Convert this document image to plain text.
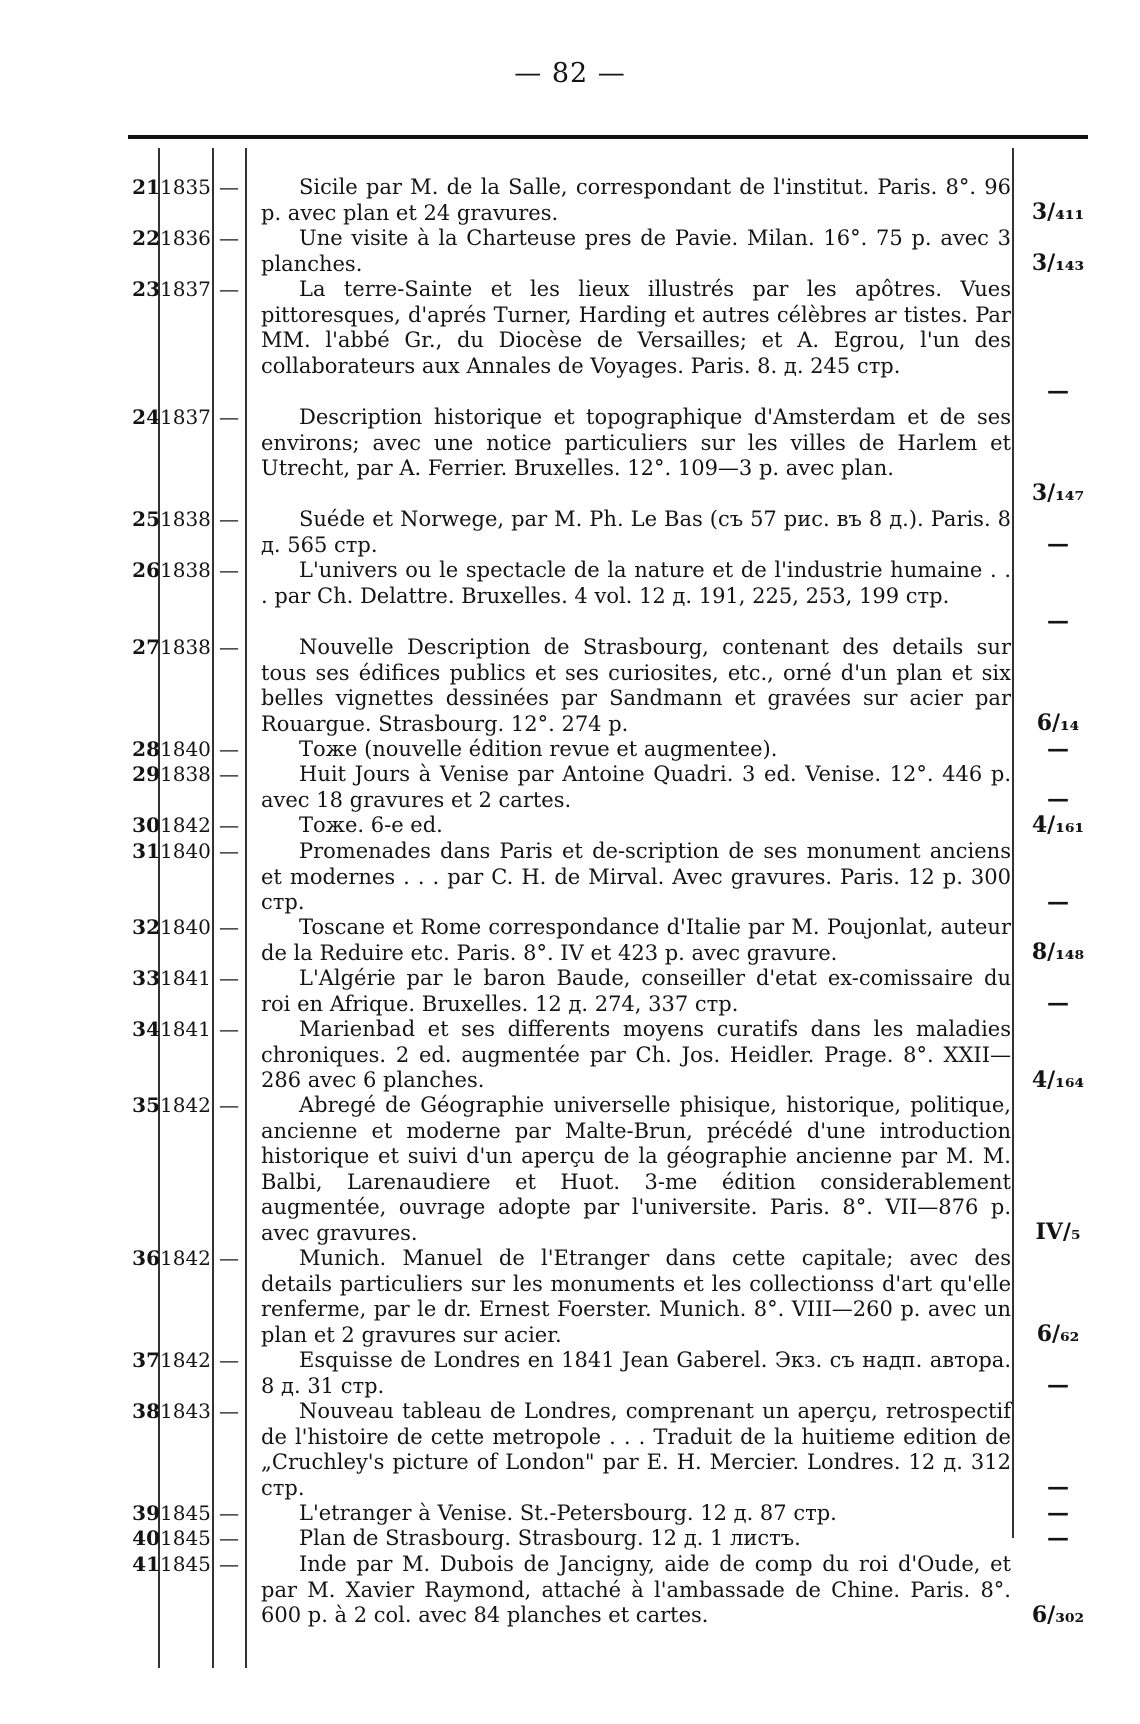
— 82 —
21 1835 —	Sicile par M. de la Salle, correspondant de l'institut. Paris. 8°. 96 p. avec plan et 24 gravures.	3/₄₁₁
22 1836 —	Une visite à la Charteuse pres de Pavie. Milan. 16°. 75 p. avec 3 planches.	3/₁₄₃
23 1837 —	La terre-Sainte et les lieux illustrés par les apôtres. Vues pittoresques, d'aprés Turner, Harding et autres célèbres ar tistes. Par MM. l'abbé Gr., du Diocèse de Versailles; et A. Egrou, l'un des collaborateurs aux Annales de Voyages. Paris. 8. д. 245 стр.
—
24 1837 —	Description historique et topographique d'Amsterdam et de ses environs; avec une notice particuliers sur les villes de Harlem et Utrecht, par A. Ferrier. Bruxelles. 12°. 109—3 p. avec plan.
3/₁₄₇
25 1838 —	Suéde et Norwege, par M. Ph. Le Bas (съ 57 рис. въ 8 д.). Paris. 8 д. 565 стр.	—
26 1838 —	L'univers ou le spectacle de la nature et de l'industrie humaine . . . par Ch. Delattre. Bruxelles. 4 vol. 12 д. 191, 225, 253, 199 стр.
—
27 1838 —	Nouvelle Description de Strasbourg, contenant des details sur tous ses édifices publics et ses curiosites, etc., orné d'un plan et six belles vignettes dessinées par Sandmann et gravées sur acier par Rouargue. Strasbourg. 12°. 274 p.	6/₁₄
28 1840 —	Тоже (nouvelle édition revue et augmentee).	—
29 1838 —	Huit Jours à Venise par Antoine Quadri. 3 ed. Venise. 12°. 446 p. avec 18 gravures et 2 cartes.	—
30 1842 —	Тоже. 6-е ed.	4/₁₆₁
31 1840 —	Promenades dans Paris et de-scription de ses monument anciens et modernes . . . par C. H. de Mirval. Avec gravures. Paris. 12 p. 300 стр.	—
32 1840 —	Toscane et Rome correspondance d'Italie par M. Poujonlat, auteur de la Reduire etc. Paris. 8°. IV et 423 p. avec gravure.	8/₁₄₈
33 1841 —	L'Algérie par le baron Baude, conseiller d'etat ex-comissaire du roi en Afrique. Bruxelles. 12 д. 274, 337 стр.	—
34 1841 —	Marienbad et ses differents moyens curatifs dans les maladies chroniques. 2 ed. augmentée par Ch. Jos. Heidler. Prage. 8°. XXII—286 avec 6 planches.	4/₁₆₄
35 1842 —	Abregé de Géographie universelle phisique, historique, politique, ancienne et moderne par Malte-Brun, précédé d'une introduction historique et suivi d'un aperçu de la géographie ancienne par M. M. Balbi, Larenaudiere et Huot. 3-me édition considerablement augmentée, ouvrage adopte par l'universite. Paris. 8°. VII—876 p. avec gravures.	IV/₅
36 1842 —	Munich. Manuel de l'Etranger dans cette capitale; avec des details particuliers sur les monuments et les collectionss d'art qu'elle renferme, par le dr. Ernest Foerster. Munich. 8°. VIII—260 p. avec un plan et 2 gravures sur acier.	6/₆₂
37 1842 —	Esquisse de Londres en 1841 Jean Gaberel. Экз. съ надп. автора. 8 д. 31 стр.	—
38 1843 —	Nouveau tableau de Londres, comprenant un aperçu, retrospectif de l'histoire de cette metropole . . . Traduit de la huitieme edition de „Cruchley's picture of London" par E. H. Mercier. Londres. 12 д. 312 стр.	—
39 1845 —	L'etranger à Venise. St.-Petersbourg. 12 д. 87 стр.	—
40 1845 —	Plan de Strasbourg. Strasbourg. 12 д. 1 листъ.	—
41 1845 —	Inde par M. Dubois de Jancigny, aide de comp du roi d'Oude, et par M. Xavier Raymond, attaché à l'ambassade de Chine. Paris. 8°. 600 p. à 2 col. avec 84 planches et cartes.	6/₃₀₂
